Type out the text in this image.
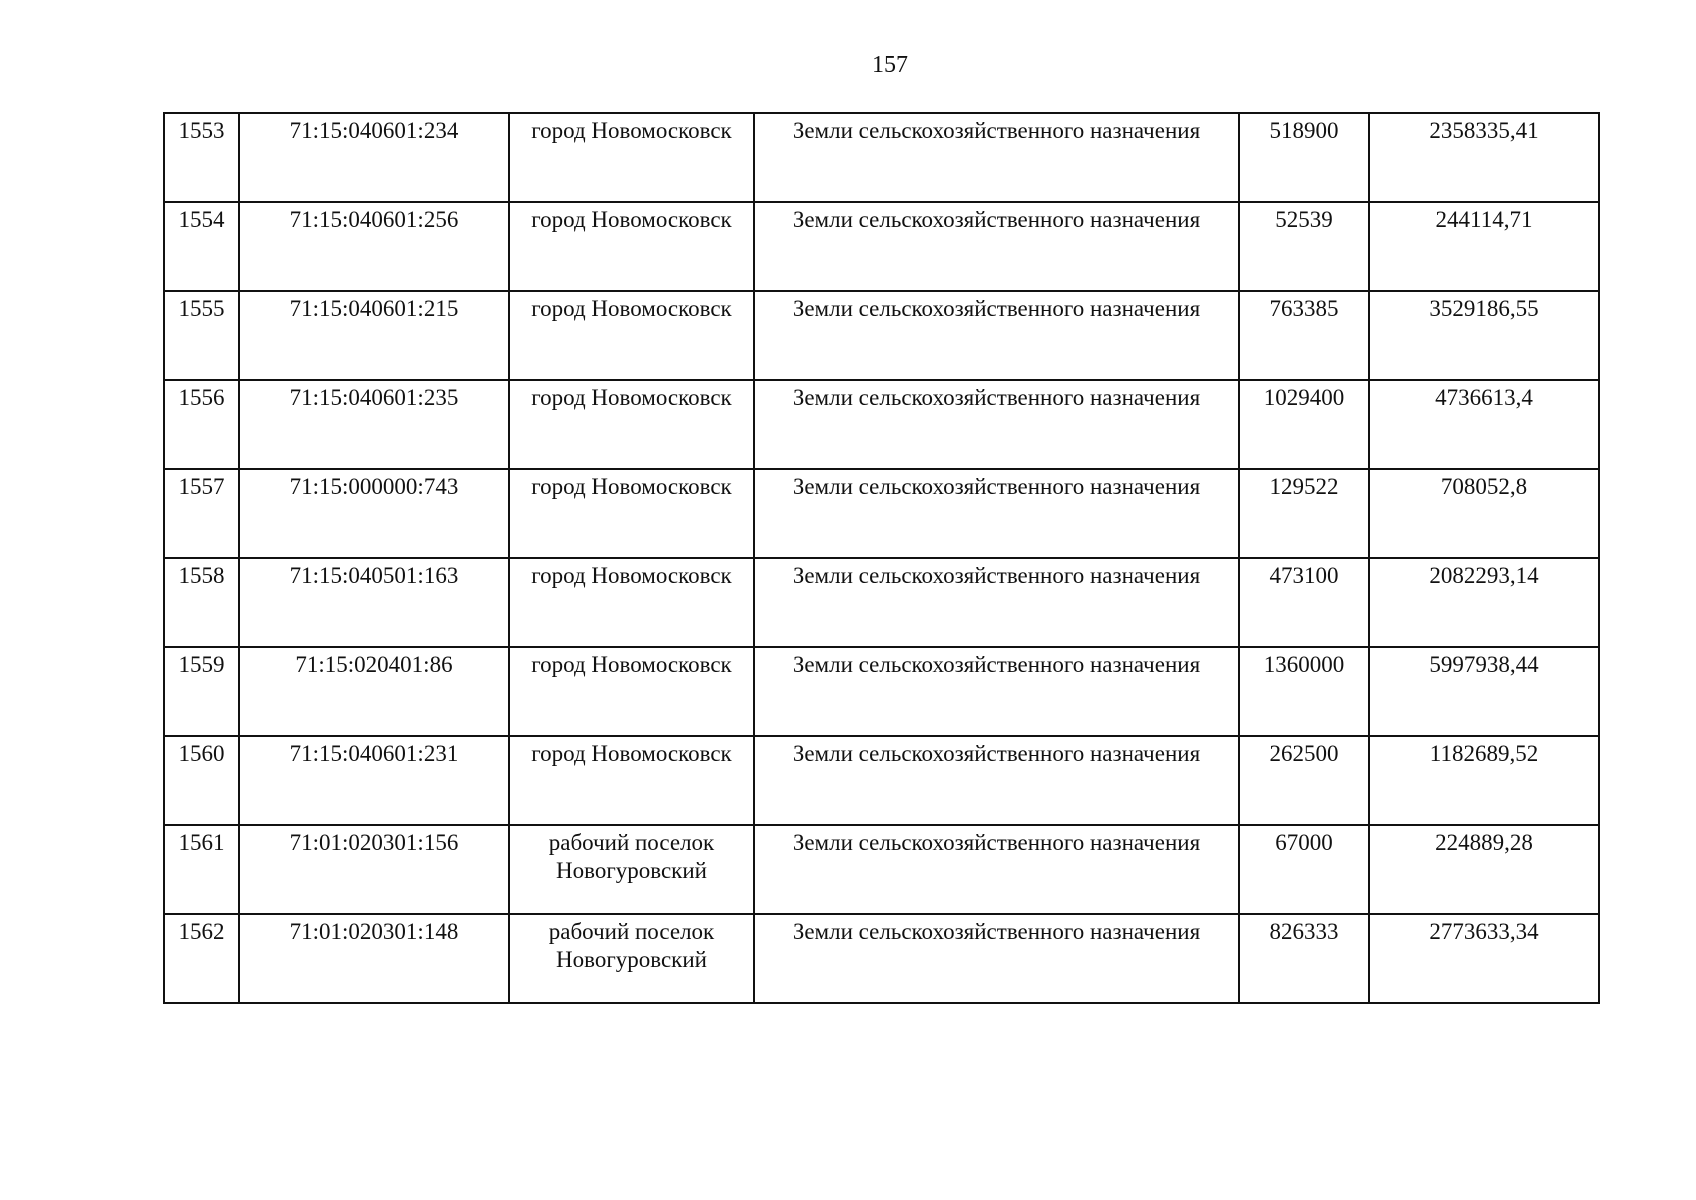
157
1553	71:15:040601:234	город Новомосковск	Земли сельскохозяйственного назначения	518900	2358335,41
1554	71:15:040601:256	город Новомосковск	Земли сельскохозяйственного назначения	52539	244114,71
1555	71:15:040601:215	город Новомосковск	Земли сельскохозяйственного назначения	763385	3529186,55
1556	71:15:040601:235	город Новомосковск	Земли сельскохозяйственного назначения	1029400	4736613,4
1557	71:15:000000:743	город Новомосковск	Земли сельскохозяйственного назначения	129522	708052,8
1558	71:15:040501:163	город Новомосковск	Земли сельскохозяйственного назначения	473100	2082293,14
1559	71:15:020401:86	город Новомосковск	Земли сельскохозяйственного назначения	1360000	5997938,44
1560	71:15:040601:231	город Новомосковск	Земли сельскохозяйственного назначения	262500	1182689,52
1561	71:01:020301:156	рабочий поселок Новогуровский	Земли сельскохозяйственного назначения	67000	224889,28
1562	71:01:020301:148	рабочий поселок Новогуровский	Земли сельскохозяйственного назначения	826333	2773633,34
